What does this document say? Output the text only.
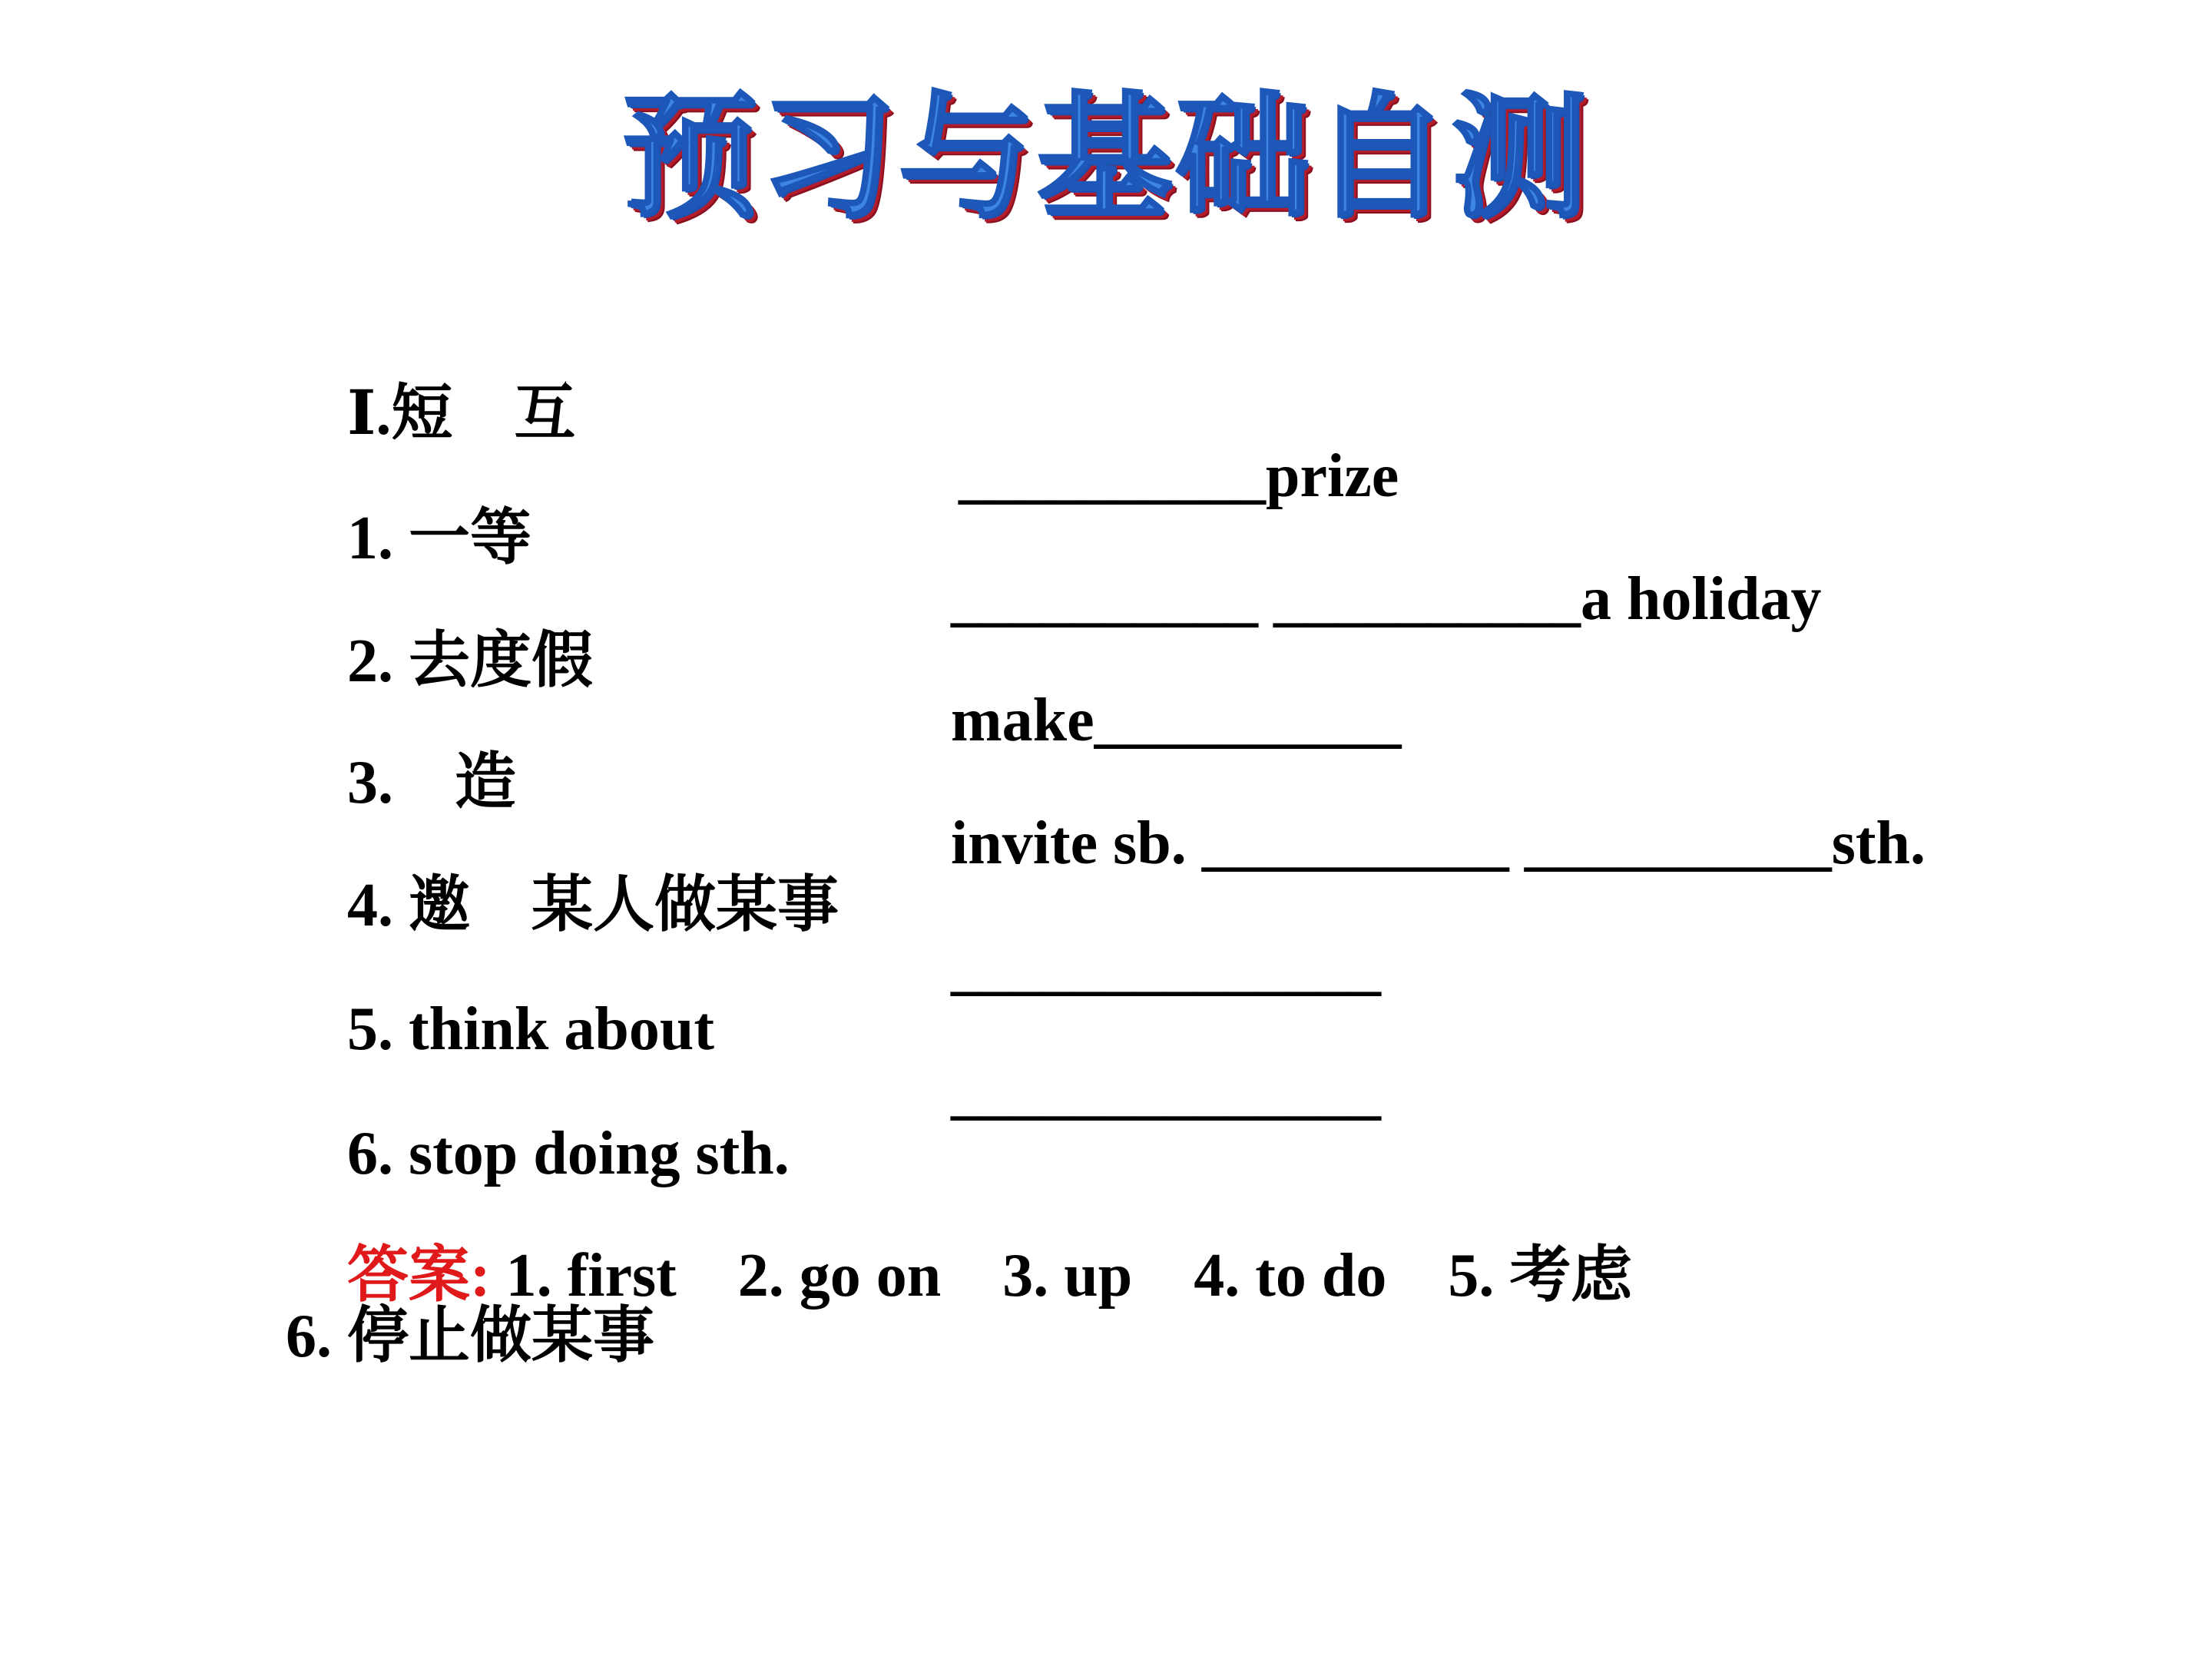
预习与基础自测

Ⅰ.短　互

1. 一等

__________prize

2. 去度假

__________ __________a holiday

3.　造

make__________

4. 邀　某人做某事

invite sb. __________ __________sth.

5. think about

______________

6. stop doing sth.

______________

答案: 1. first　2. go on　3. up　4. to do　5. 考虑

6. 停止做某事
